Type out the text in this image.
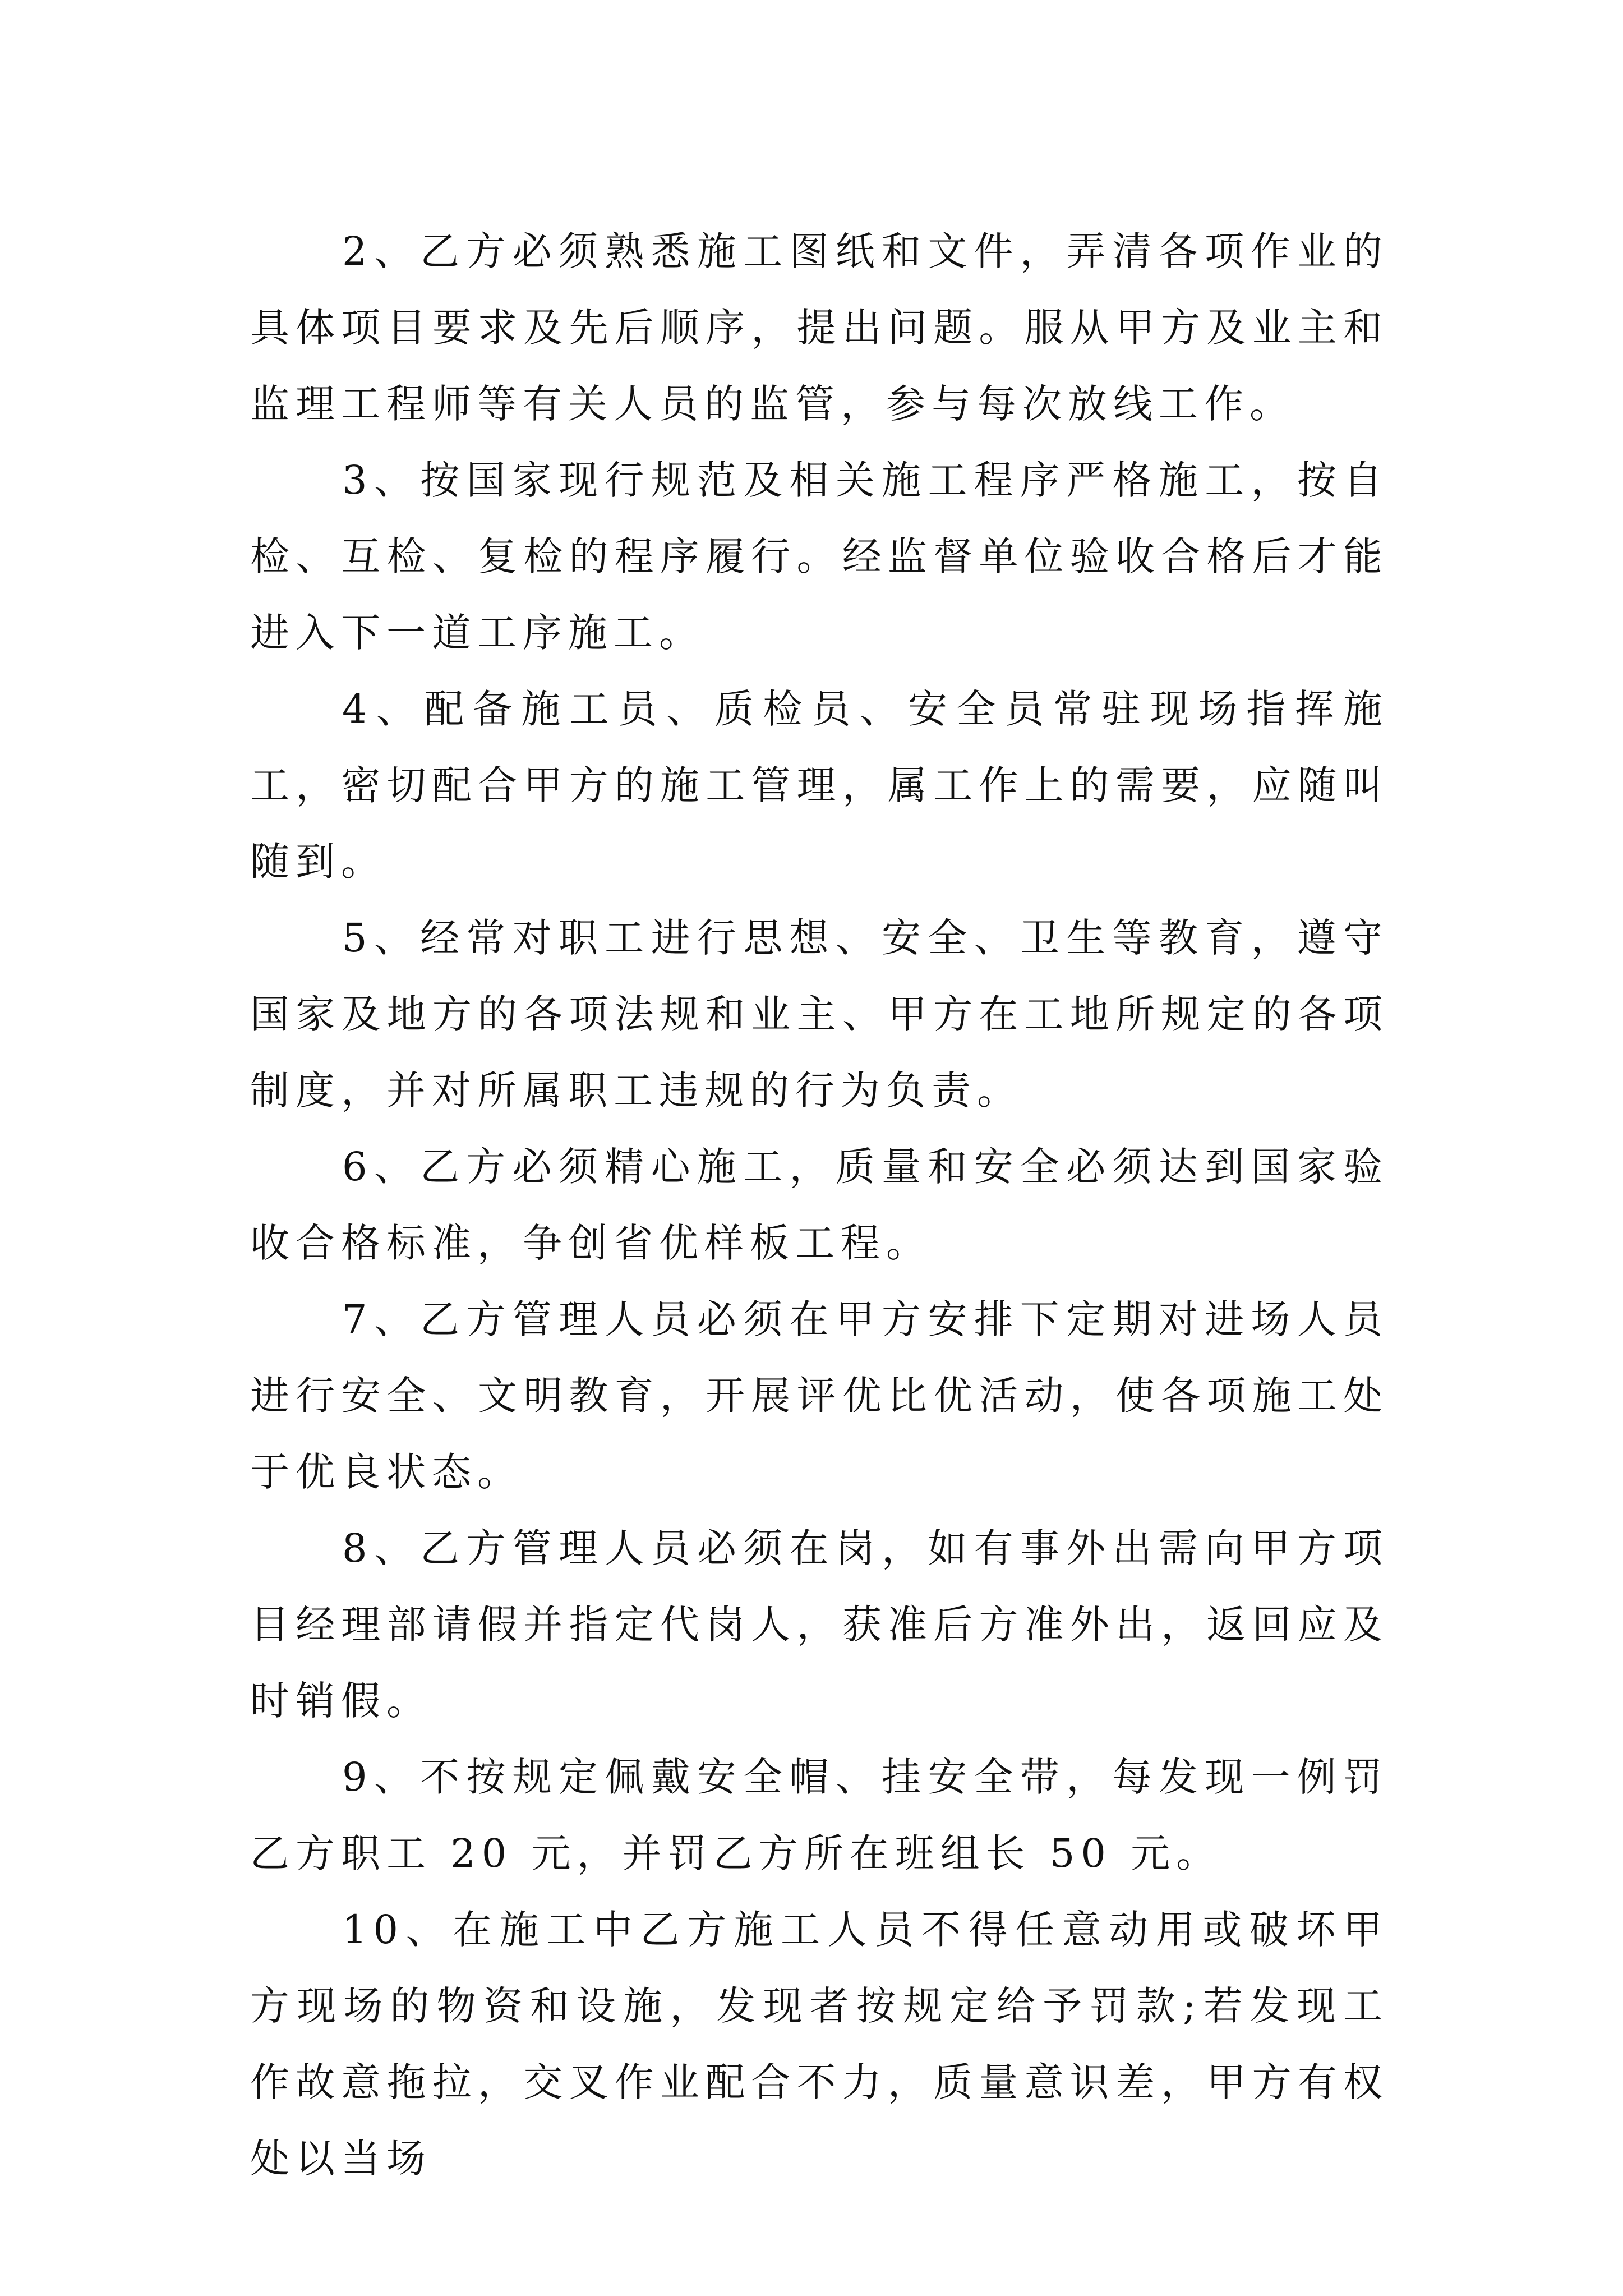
2、乙方必须熟悉施工图纸和文件，弄清各项作业的具体项目要求及先后顺序，提出问题。服从甲方及业主和监理工程师等有关人员的监管，参与每次放线工作。

3、按国家现行规范及相关施工程序严格施工，按自检、互检、复检的程序履行。经监督单位验收合格后才能进入下一道工序施工。

4、配备施工员、质检员、安全员常驻现场指挥施工，密切配合甲方的施工管理，属工作上的需要，应随叫随到。

5、经常对职工进行思想、安全、卫生等教育，遵守国家及地方的各项法规和业主、甲方在工地所规定的各项制度，并对所属职工违规的行为负责。

6、乙方必须精心施工，质量和安全必须达到国家验收合格标准，争创省优样板工程。

7、乙方管理人员必须在甲方安排下定期对进场人员进行安全、文明教育，开展评优比优活动，使各项施工处于优良状态。

8、乙方管理人员必须在岗，如有事外出需向甲方项目经理部请假并指定代岗人，获准后方准外出，返回应及时销假。

9、不按规定佩戴安全帽、挂安全带，每发现一例罚乙方职工 20 元，并罚乙方所在班组长 50 元。

10、在施工中乙方施工人员不得任意动用或破坏甲方现场的物资和设施，发现者按规定给予罚款;若发现工作故意拖拉，交叉作业配合不力，质量意识差，甲方有权处以当场
